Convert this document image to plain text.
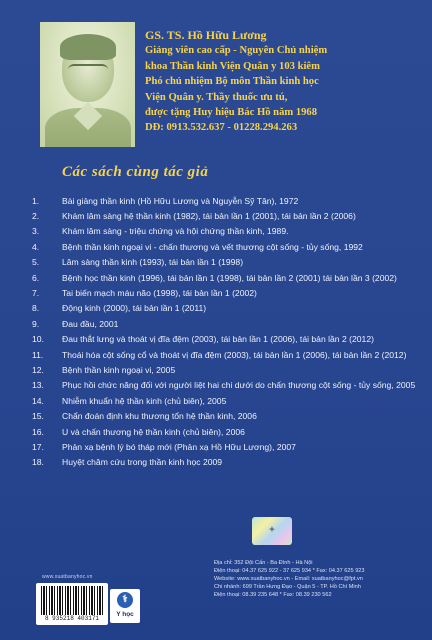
GS. TS. Hồ Hữu Lương
Giảng viên cao cấp - Nguyên Chủ nhiệm
khoa Thần kinh Viện Quân y 103 kiêm
Phó chủ nhiệm Bộ môn Thần kinh học
Viện Quân y. Thầy thuốc ưu tú,
được tặng Huy hiệu Bác Hồ năm 1968
DĐ: 0913.532.637 - 01228.294.263
Các sách cùng tác giả
1.	Bài giảng thần kinh (Hồ Hữu Lương và Nguyễn Sỹ Tân), 1972
2.	Khám lâm sàng hệ thần kinh (1982), tái bản lần 1 (2001), tái bản lần 2 (2006)
3.	Khám lâm sàng - triệu chứng và hội chứng thần kinh, 1989.
4.	Bệnh thần kinh ngoại vi - chấn thương và vết thương cột sống - tủy sống, 1992
5.	Lâm sàng thần kinh (1993), tái bản lần 1 (1998)
6.	Bệnh học thần kinh (1996), tái bản lần 1 (1998), tái bản lần 2 (2001) tái bản lần 3 (2002)
7.	Tai biến mạch máu não (1998), tái bản lần 1 (2002)
8.	Động kinh (2000), tái bản lần 1 (2011)
9.	Đau đầu, 2001
10.	Đau thắt lưng và thoát vị đĩa đệm (2003), tái bản lần 1 (2006), tái bản lần 2 (2012)
11.	Thoái hóa cột sống cổ và thoát vị đĩa đệm (2003), tái bản lần 1 (2006), tái bản lần 2 (2012)
12.	Bệnh thần kinh ngoại vi, 2005
13.	Phục hồi chức năng đối với người liệt hai chi dưới do chấn thương cột sống - tủy sống, 2005
14.	Nhiễm khuẩn hệ thần kinh (chủ biên), 2005
15.	Chẩn đoán định khu thương tổn hệ thần kinh, 2006
16.	U và chấn thương hệ thần kinh (chủ biên), 2006
17.	Phản xạ bệnh lý bó tháp mới (Phản xạ Hồ Hữu Lương), 2007
18.	Huyệt châm cứu trong thần kinh học 2009
✦
www.xuatbanyhoc.vn
8 935218 403171
⚕
Y học
Địa chỉ: 352 Đội Cấn - Ba Đình - Hà Nội
Điện thoại: 04.37 625 922 - 37 625 934 * Fax: 04.37 625 923
Website: www.xuatbanyhoc.vn - Email: xuatbanyhoc@fpt.vn
Chi nhánh: 699 Trần Hưng Đạo - Quận 5 - TP. Hồ Chí Minh
Điện thoại: 08.39 235 648 * Fax: 08.39 230 562
